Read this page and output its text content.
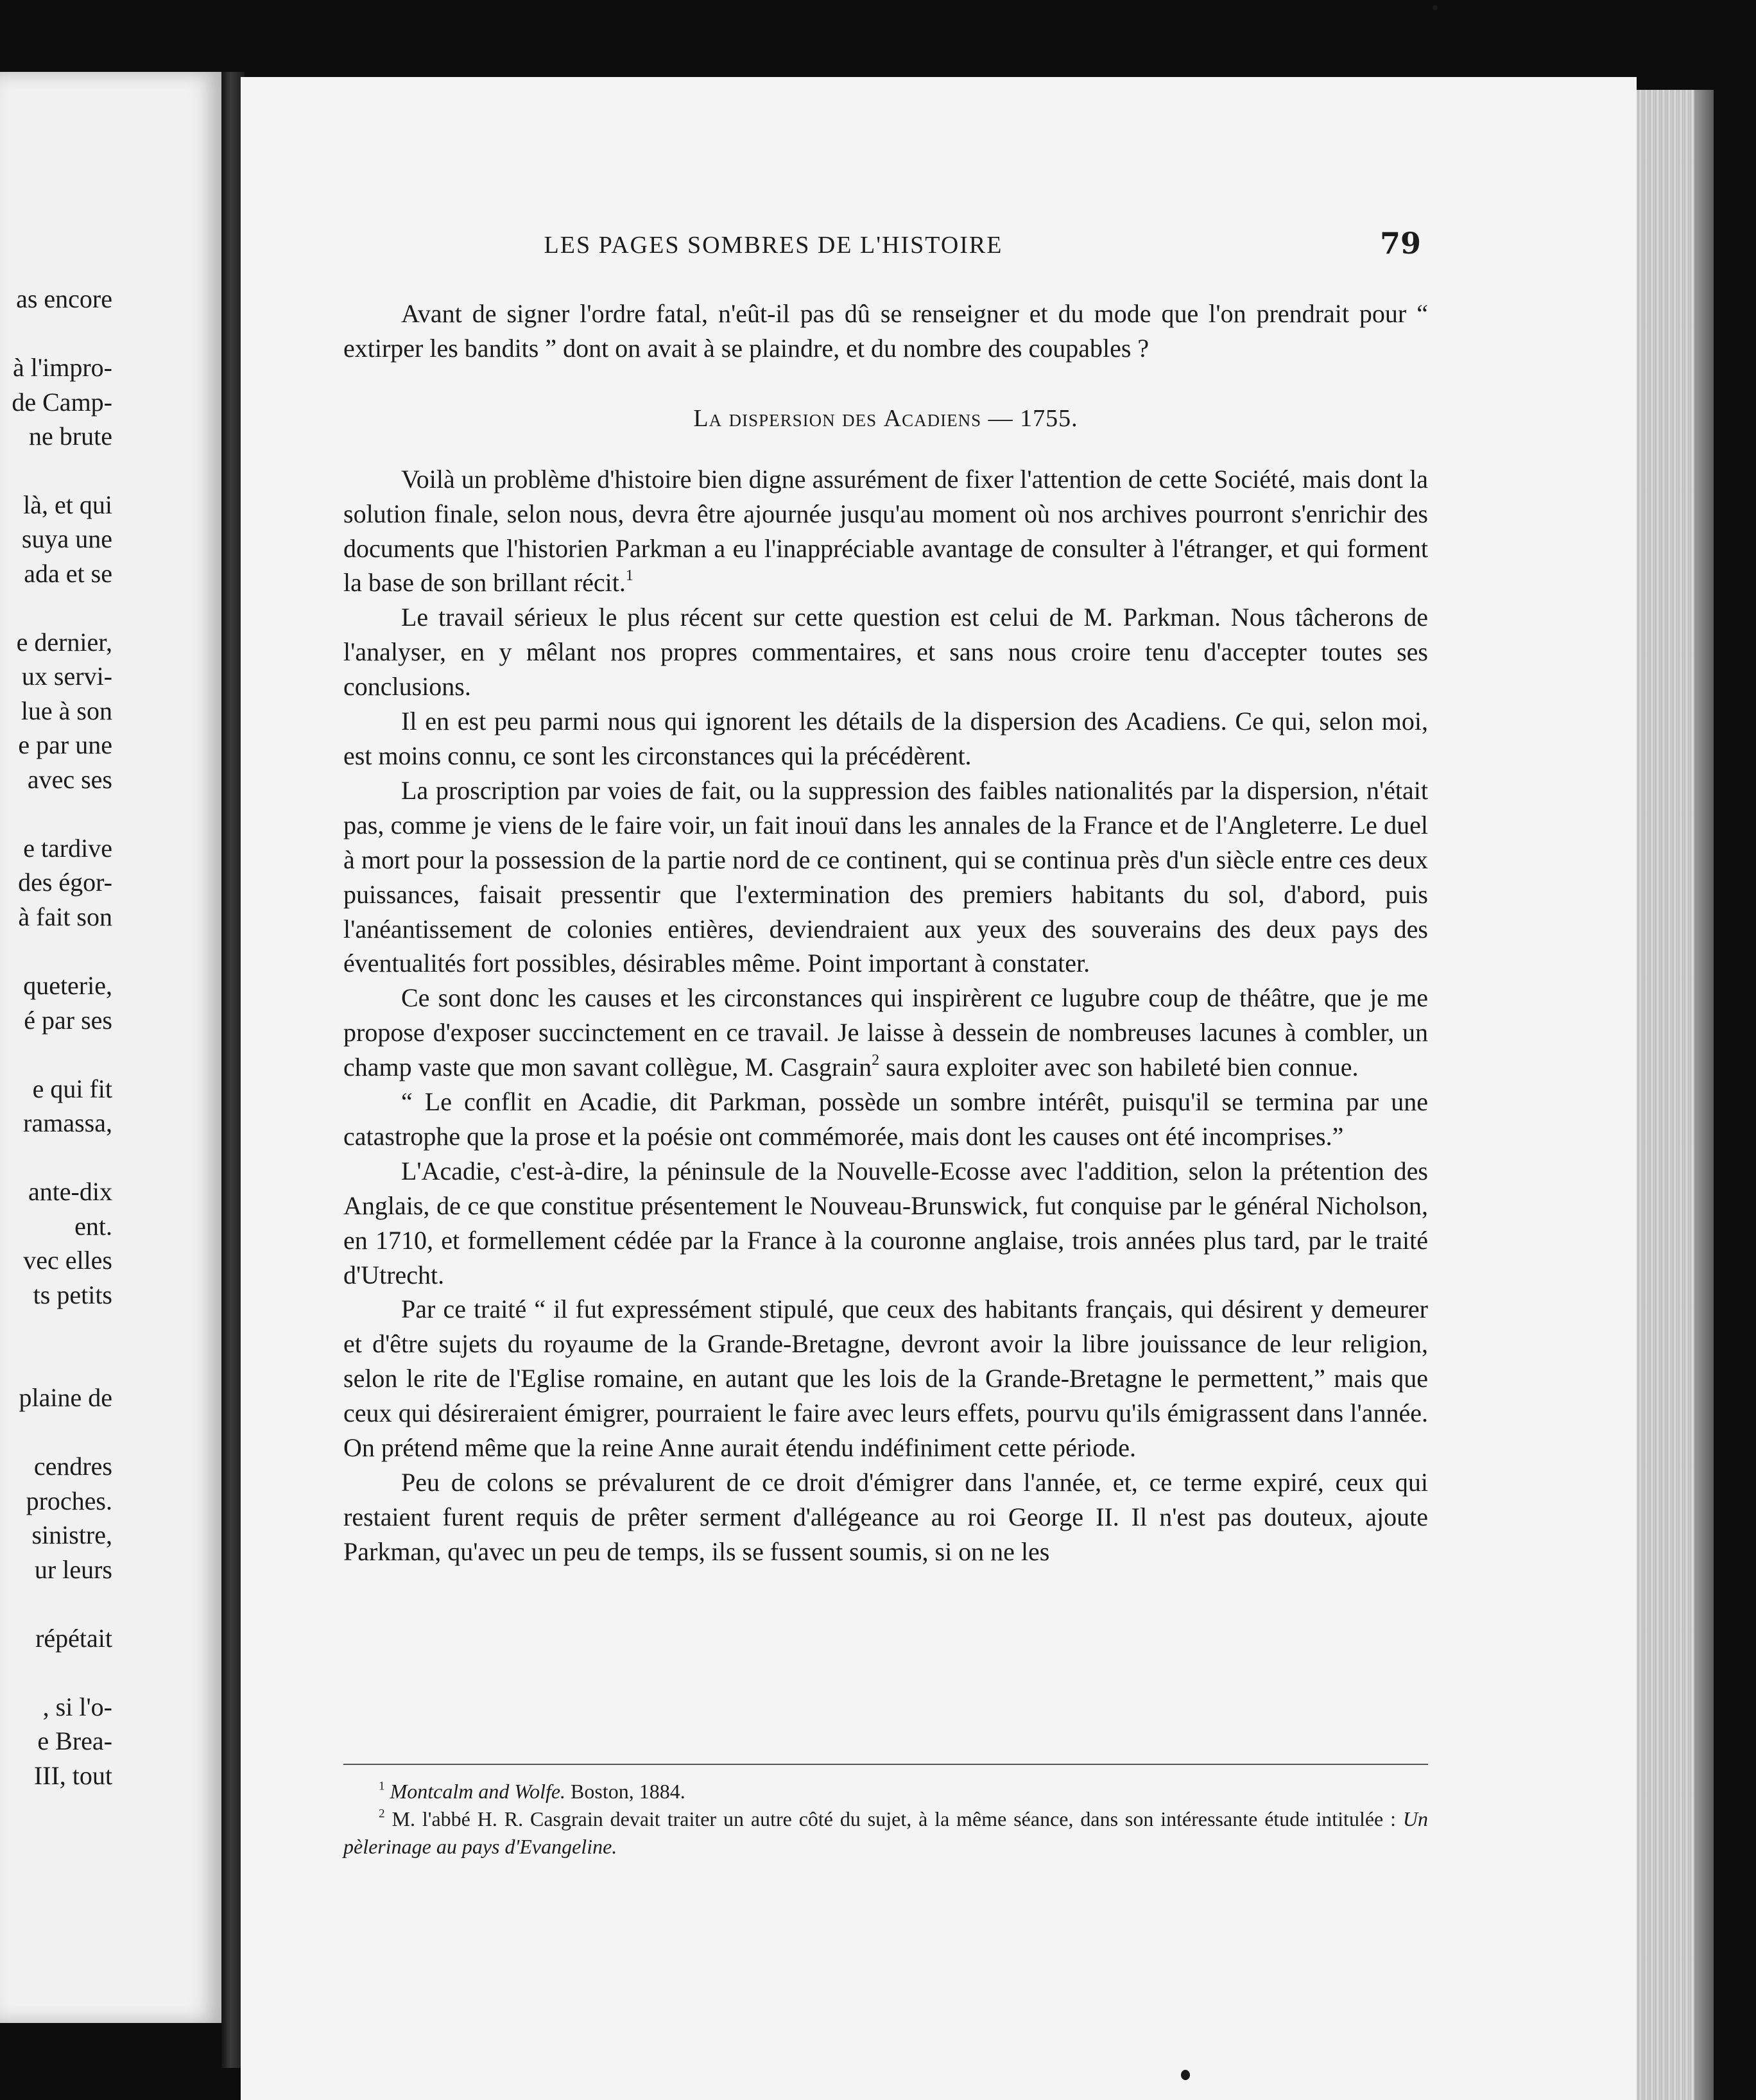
as encore
à l'impro-
de Camp-
ne brute
là, et qui
suya une
ada et se
e dernier,
ux servi-
lue à son
e par une
avec ses
e tardive
des égor-
à fait son
queterie,
é par ses
e qui fit
ramassa,
ante-dix
ent.
vec elles
ts petits
plaine de
cendres
proches.
sinistre,
ur leurs
répétait
, si l'o-
e Brea-
III, tout
LES PAGES SOMBRES DE L'HISTOIRE	79

Avant de signer l'ordre fatal, n'eût-il pas dû se renseigner et du mode que l'on prendrait pour “ extirper les bandits ” dont on avait à se plaindre, et du nombre des coupables ?

La dispersion des Acadiens — 1755.

Voilà un problème d'histoire bien digne assurément de fixer l'attention de cette Société, mais dont la solution finale, selon nous, devra être ajournée jusqu'au moment où nos archives pourront s'enrichir des documents que l'historien Parkman a eu l'inappréciable avantage de consulter à l'étranger, et qui forment la base de son brillant récit.$^1$

Le travail sérieux le plus récent sur cette question est celui de M. Parkman. Nous tâcherons de l'analyser, en y mêlant nos propres commentaires, et sans nous croire tenu d'accepter toutes ses conclusions.

Il en est peu parmi nous qui ignorent les détails de la dispersion des Acadiens. Ce qui, selon moi, est moins connu, ce sont les circonstances qui la précédèrent.

La proscription par voies de fait, ou la suppression des faibles nationalités par la dispersion, n'était pas, comme je viens de le faire voir, un fait inouï dans les annales de la France et de l'Angleterre. Le duel à mort pour la possession de la partie nord de ce continent, qui se continua près d'un siècle entre ces deux puissances, faisait pressentir que l'extermination des premiers habitants du sol, d'abord, puis l'anéantissement de colonies entières, deviendraient aux yeux des souverains des deux pays des éventualités fort possibles, désirables même. Point important à constater.

Ce sont donc les causes et les circonstances qui inspirèrent ce lugubre coup de théâtre, que je me propose d'exposer succinctement en ce travail. Je laisse à dessein de nombreuses lacunes à combler, un champ vaste que mon savant collègue, M. Casgrain$^2$ saura exploiter avec son habileté bien connue.

“ Le conflit en Acadie, dit Parkman, possède un sombre intérêt, puisqu'il se termina par une catastrophe que la prose et la poésie ont commémorée, mais dont les causes ont été incomprises.”

L'Acadie, c'est-à-dire, la péninsule de la Nouvelle-Ecosse avec l'addition, selon la prétention des Anglais, de ce que constitue présentement le Nouveau-Brunswick, fut conquise par le général Nicholson, en 1710, et formellement cédée par la France à la couronne anglaise, trois années plus tard, par le traité d'Utrecht.

Par ce traité “ il fut expressément stipulé, que ceux des habitants français, qui désirent y demeurer et d'être sujets du royaume de la Grande-Bretagne, devront avoir la libre jouissance de leur religion, selon le rite de l'Eglise romaine, en autant que les lois de la Grande-Bretagne le permettent,” mais que ceux qui désireraient émigrer, pourraient le faire avec leurs effets, pourvu qu'ils émigrassent dans l'année. On prétend même que la reine Anne aurait étendu indéfiniment cette période.

Peu de colons se prévalurent de ce droit d'émigrer dans l'année, et, ce terme expiré, ceux qui restaient furent requis de prêter serment d'allégeance au roi George II. Il n'est pas douteux, ajoute Parkman, qu'avec un peu de temps, ils se fussent soumis, si on ne les

$^1$ Montcalm and Wolfe. Boston, 1884.

$^2$ M. l'abbé H. R. Casgrain devait traiter un autre côté du sujet, à la même séance, dans son intéressante étude intitulée : Un pèlerinage au pays d'Evangeline.
